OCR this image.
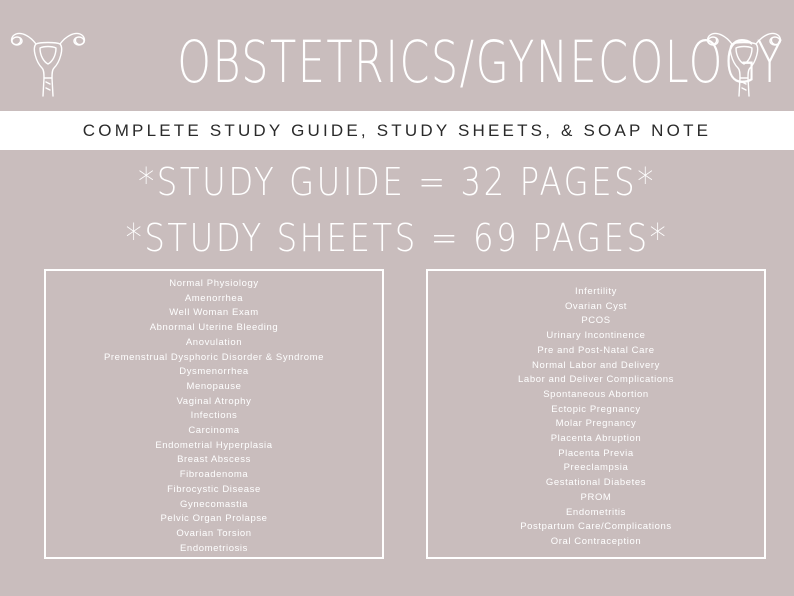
OBSTETRICS/GYNECOLOGY
COMPLETE STUDY GUIDE, STUDY SHEETS, & SOAP NOTE
*STUDY GUIDE = 32 PAGES*
*STUDY SHEETS = 69 PAGES*
Normal Physiology
Amenorrhea
Well Woman Exam
Abnormal Uterine Bleeding
Anovulation
Premenstrual Dysphoric Disorder & Syndrome
Dysmenorrhea
Menopause
Vaginal Atrophy
Infections
Carcinoma
Endometrial Hyperplasia
Breast Abscess
Fibroadenoma
Fibrocystic Disease
Gynecomastia
Pelvic Organ Prolapse
Ovarian Torsion
Endometriosis
Infertility
Ovarian Cyst
PCOS
Urinary Incontinence
Pre and Post-Natal Care
Normal Labor and Delivery
Labor and Deliver Complications
Spontaneous Abortion
Ectopic Pregnancy
Molar Pregnancy
Placenta Abruption
Placenta Previa
Preeclampsia
Gestational Diabetes
PROM
Endometritis
Postpartum Care/Complications
Oral Contraception
